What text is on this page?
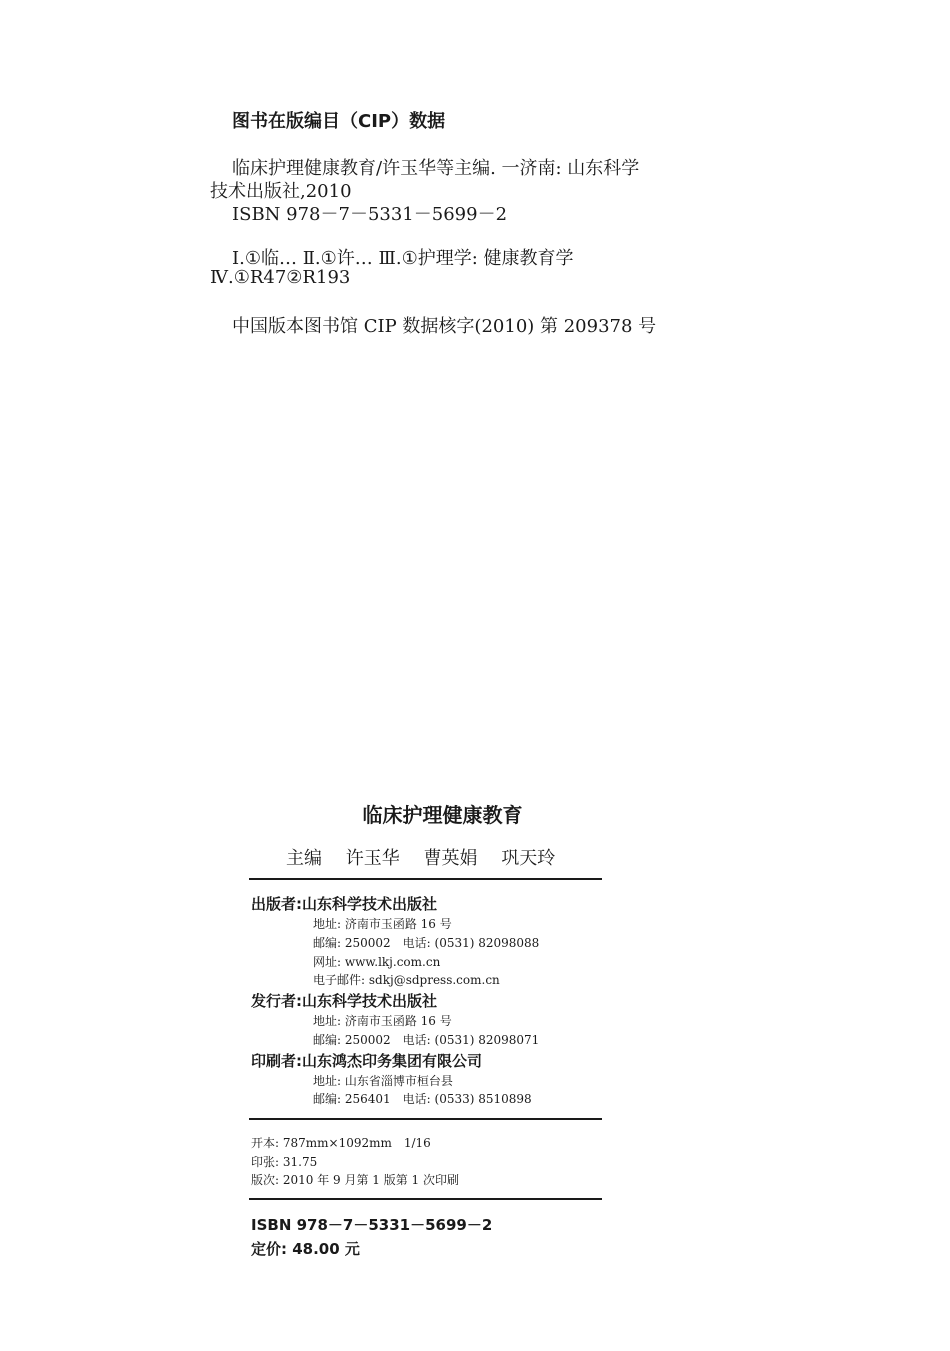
图书在版编目（CIP）数据
临床护理健康教育/许玉华等主编. 一济南: 山东科学
技术出版社,2010
ISBN 978－7－5331－5699－2
Ⅰ.①临… Ⅱ.①许… Ⅲ.①护理学: 健康教育学
Ⅳ.①R47②R193
中国版本图书馆 CIP 数据核字(2010) 第 209378 号
临床护理健康教育
主编 许玉华 曹英娟 巩天玲
出版者:山东科学技术出版社
地址: 济南市玉函路 16 号
邮编: 250002　电话: (0531) 82098088
网址: www.lkj.com.cn
电子邮件: sdkj@sdpress.com.cn
发行者:山东科学技术出版社
地址: 济南市玉函路 16 号
邮编: 250002　电话: (0531) 82098071
印刷者:山东鸿杰印务集团有限公司
地址: 山东省淄博市桓台县
邮编: 256401　电话: (0533) 8510898
开本: 787mm×1092mm　1/16
印张: 31.75
版次: 2010 年 9 月第 1 版第 1 次印刷
ISBN 978－7－5331－5699－2
定价: 48.00 元
